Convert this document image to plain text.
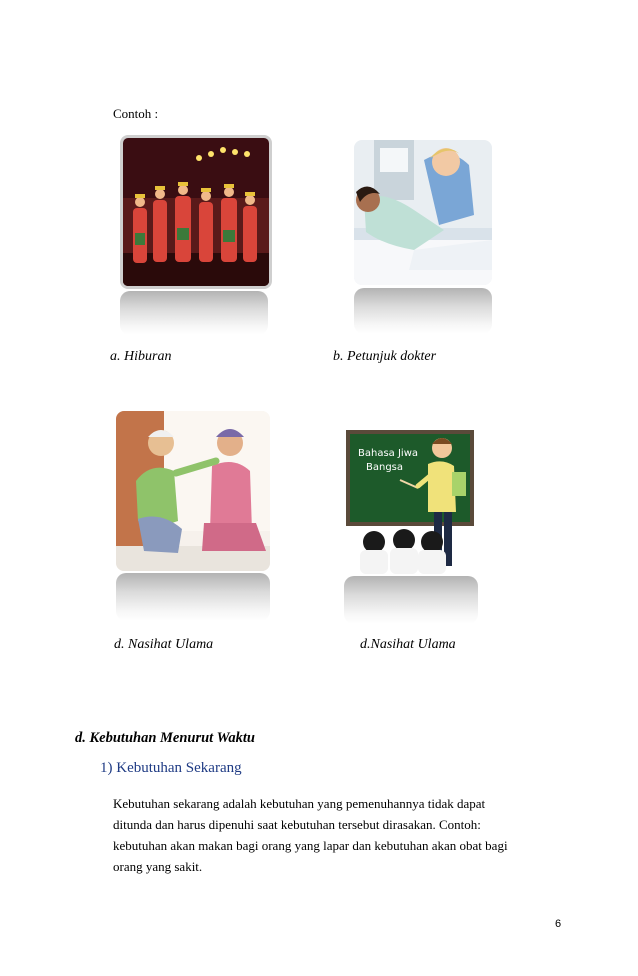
Contoh :
a. Hiburan	b. Petunjuk dokter
Bahasa Jiwa
Bangsa
d. Nasihat Ulama	d.Nasihat Ulama
d. Kebutuhan Menurut Waktu
1) Kebutuhan Sekarang

Kebutuhan sekarang adalah kebutuhan yang pemenuhannya tidak dapat

ditunda dan harus dipenuhi saat kebutuhan tersebut dirasakan. Contoh:

kebutuhan akan makan bagi orang yang lapar dan kebutuhan akan obat bagi

orang yang sakit.

6
